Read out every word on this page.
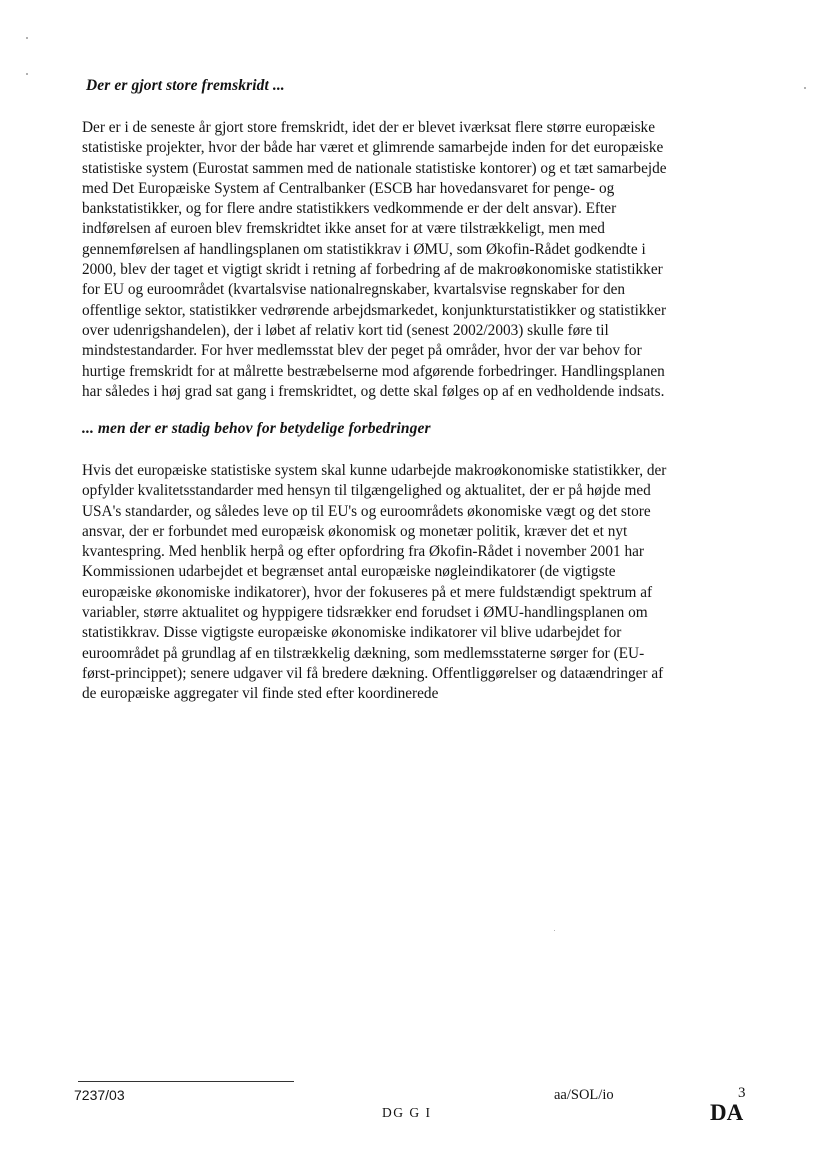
Der er gjort store fremskridt ...

Der er i de seneste år gjort store fremskridt, idet der er blevet iværksat flere større europæiske
statistiske projekter, hvor der både har været et glimrende samarbejde inden for det europæiske
statistiske system (Eurostat sammen med de nationale statistiske kontorer) og et tæt samarbejde
med Det Europæiske System af Centralbanker (ESCB har hovedansvaret for penge- og
bankstatistikker, og for flere andre statistikkers vedkommende er der delt ansvar). Efter
indførelsen af euroen blev fremskridtet ikke anset for at være tilstrækkeligt, men med
gennemførelsen af handlingsplanen om statistikkrav i ØMU, som Økofin-Rådet godkendte i
2000, blev der taget et vigtigt skridt i retning af forbedring af de makroøkonomiske statistikker
for EU og euroområdet (kvartalsvise nationalregnskaber, kvartalsvise regnskaber for den
offentlige sektor, statistikker vedrørende arbejdsmarkedet, konjunkturstatistikker og statistikker
over udenrigshandelen), der i løbet af relativ kort tid (senest 2002/2003) skulle føre til
mindstestandarder. For hver medlemsstat blev der peget på områder, hvor der var behov for
hurtige fremskridt for at målrette bestræbelserne mod afgørende forbedringer. Handlingsplanen
har således i høj grad sat gang i fremskridtet, og dette skal følges op af en vedholdende indsats.

... men der er stadig behov for betydelige forbedringer

Hvis det europæiske statistiske system skal kunne udarbejde makroøkonomiske statistikker, der
opfylder kvalitetsstandarder med hensyn til tilgængelighed og aktualitet, der er på højde med
USA's standarder, og således leve op til EU's og euroområdets økonomiske vægt og det store
ansvar, der er forbundet med europæisk økonomisk og monetær politik, kræver det et nyt
kvantespring. Med henblik herpå og efter opfordring fra Økofin-Rådet i november 2001 har
Kommissionen udarbejdet et begrænset antal europæiske nøgleindikatorer (de vigtigste
europæiske økonomiske indikatorer), hvor der fokuseres på et mere fuldstændigt spektrum af
variabler, større aktualitet og hyppigere tidsrækker end forudset i ØMU-handlingsplanen om
statistikkrav. Disse vigtigste europæiske økonomiske indikatorer vil blive udarbejdet for
euroområdet på grundlag af en tilstrækkelig dækning, som medlemsstaterne sørger for (EU-
først-princippet); senere udgaver vil få bredere dækning. Offentliggørelser og dataændringer af
de europæiske aggregater vil finde sted efter koordinerede

7237/03	aa/SOL/io	3
DG G I	DA
